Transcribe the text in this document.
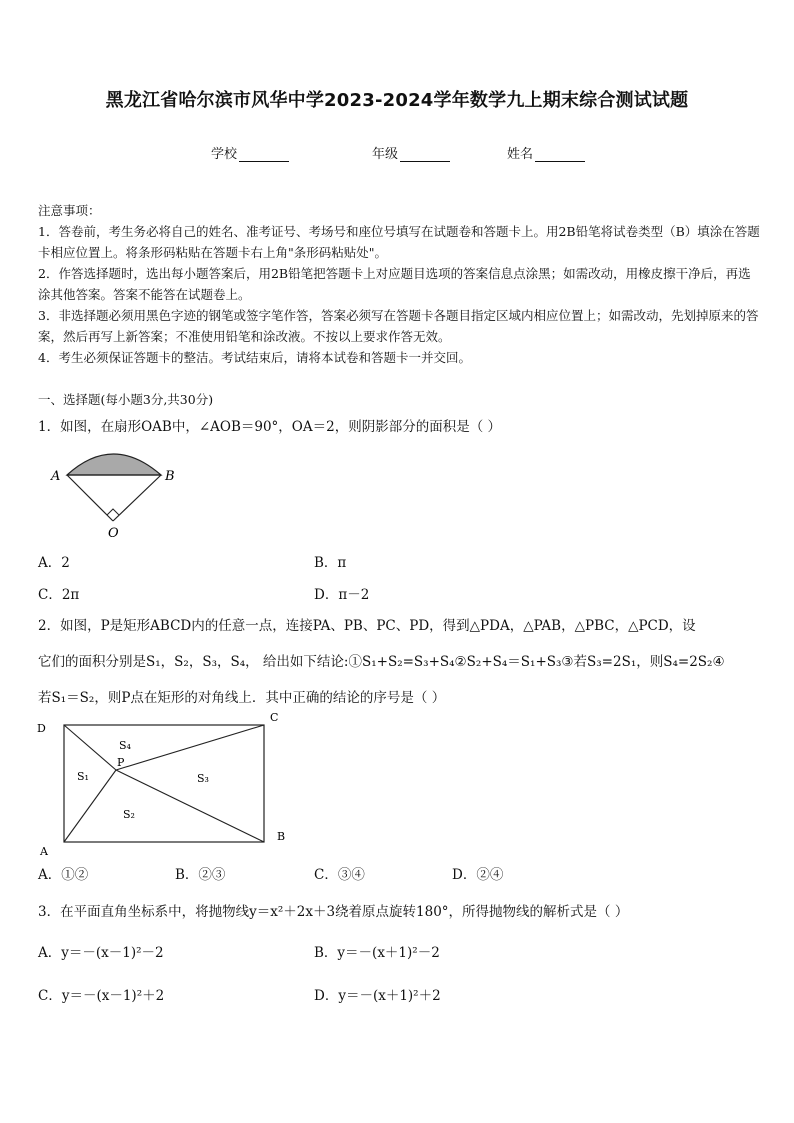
黑龙江省哈尔滨市风华中学2023-2024学年数学九上期末综合测试试题
学校	年级	姓名

注意事项：

1．答卷前，考生务必将自己的姓名、准考证号、考场号和座位号填写在试题卷和答题卡上。用2B铅笔将试卷类型（B）填涂在答题卡相应位置上。将条形码粘贴在答题卡右上角"条形码粘贴处"。

2．作答选择题时，选出每小题答案后，用2B铅笔把答题卡上对应题目选项的答案信息点涂黑；如需改动，用橡皮擦干净后，再选涂其他答案。答案不能答在试题卷上。

3．非选择题必须用黑色字迹的钢笔或签字笔作答，答案必须写在答题卡各题目指定区域内相应位置上；如需改动，先划掉原来的答案，然后再写上新答案；不准使用铅笔和涂改液。不按以上要求作答无效。

4．考生必须保证答题卡的整洁。考试结束后，请将本试卷和答题卡一并交回。

一、选择题(每小题3分,共30分)
1．如图，在扇形OAB中，∠AOB＝90°，OA＝2，则阴影部分的面积是（ ）
A	B
O
A．2	B．π
C．2π	D．π－2
2．如图，P是矩形ABCD内的任意一点，连接PA、PB、PC、PD，得到△PDA，△PAB，△PBC，△PCD，设
它们的面积分别是S₁，S₂，S₃，S₄， 给出如下结论:①S₁+S₂=S₃+S₄②S₂+S₄＝S₁+S₃③若S₃=2S₁，则S₄=2S₂④
若S₁＝S₂，则P点在矩形的对角线上．其中正确的结论的序号是（ ）
D
C
A
B
P
S₄
S₁	S₃
S₂
A．①②	B．②③	C．③④	D．②④
3．在平面直角坐标系中，将抛物线y＝x²＋2x＋3绕着原点旋转180°，所得抛物线的解析式是（ ）
A．y＝－(x－1)²－2	B．y＝－(x＋1)²－2
C．y＝－(x－1)²＋2	D．y＝－(x＋1)²＋2
